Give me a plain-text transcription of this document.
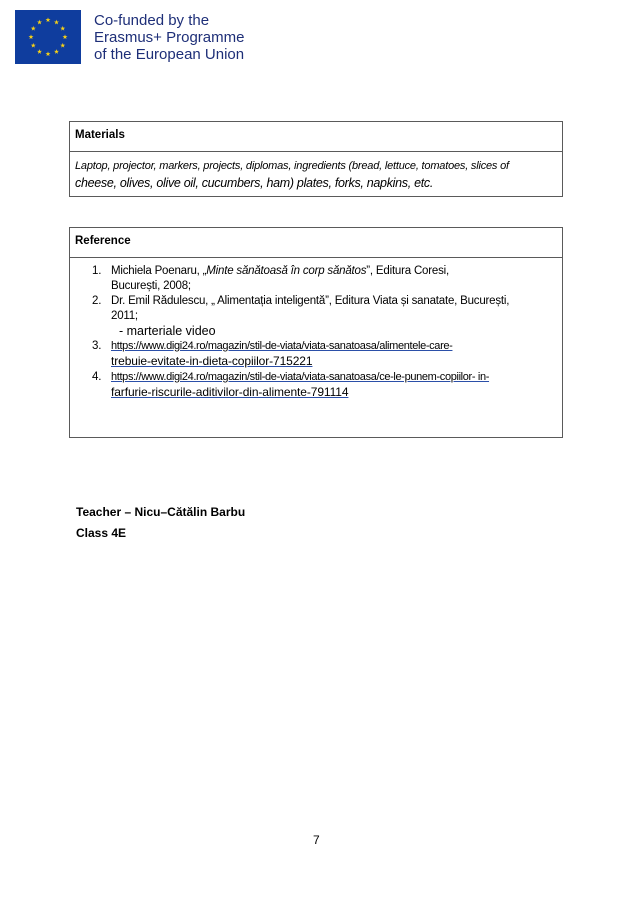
Co-funded by the
Erasmus+ Programme
of the European Union
Materials
Laptop, projector, markers, projects, diplomas, ingredients (bread, lettuce, tomatoes, slices of
cheese, olives, olive oil, cucumbers, ham) plates, forks, napkins, etc.
Reference
1. Michiela Poenaru, „Minte sănătoasă în corp sănătos”, Editura Coresi,
București, 2008;
2. Dr. Emil Rădulescu, „ Alimentația inteligentă”, Editura Viata și sanatate, București,
2011;
- marteriale video
3. https://www.digi24.ro/magazin/stil-de-viata/viata-sanatoasa/alimentele-care-
trebuie-evitate-in-dieta-copiilor-715221
4. https://www.digi24.ro/magazin/stil-de-viata/viata-sanatoasa/ce-le-punem-copiilor- in-
farfurie-riscurile-aditivilor-din-alimente-791114
Teacher – Nicu–Cătălin Barbu
Class 4E
7
